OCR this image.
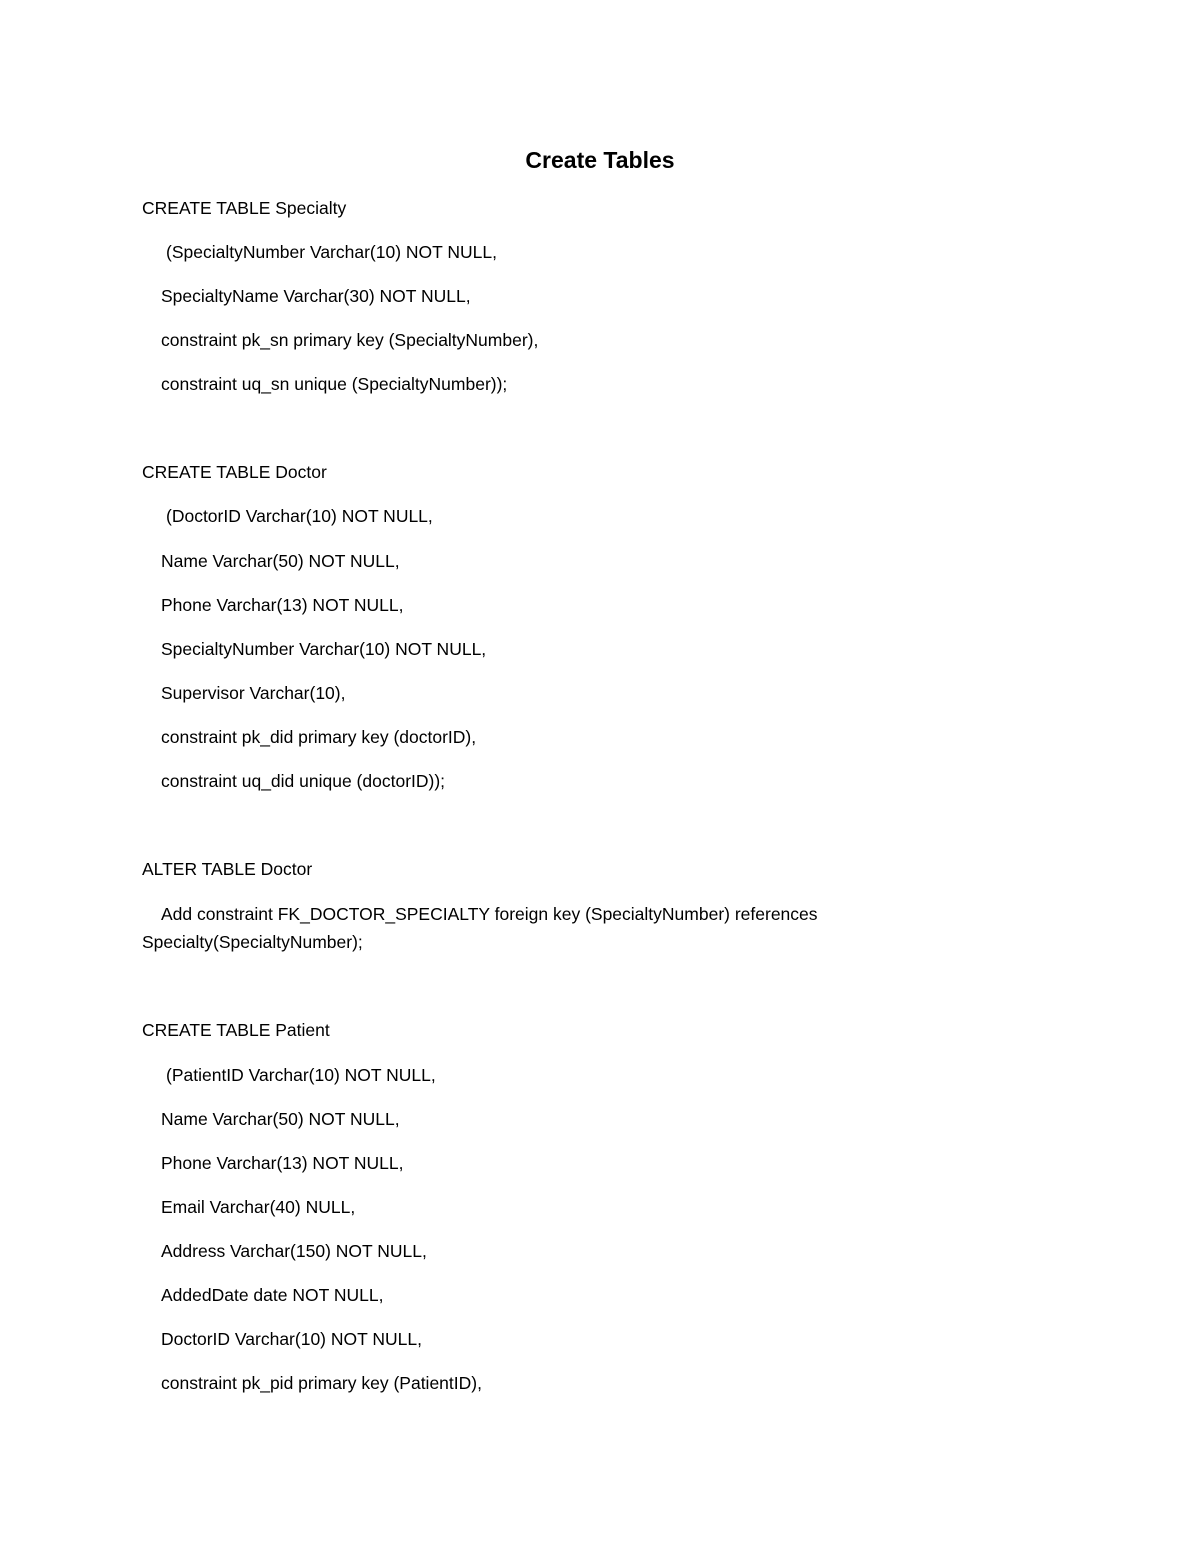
Create Tables
CREATE TABLE Specialty
(SpecialtyNumber Varchar(10) NOT NULL,
SpecialtyName Varchar(30) NOT NULL,
constraint pk_sn primary key (SpecialtyNumber),
constraint uq_sn unique (SpecialtyNumber));
CREATE TABLE Doctor
(DoctorID Varchar(10) NOT NULL,
Name Varchar(50) NOT NULL,
Phone Varchar(13) NOT NULL,
SpecialtyNumber Varchar(10) NOT NULL,
Supervisor Varchar(10),
constraint pk_did primary key (doctorID),
constraint uq_did unique (doctorID));
ALTER TABLE Doctor
Add constraint FK_DOCTOR_SPECIALTY foreign key (SpecialtyNumber) references
Specialty(SpecialtyNumber);
CREATE TABLE Patient
(PatientID Varchar(10) NOT NULL,
Name Varchar(50) NOT NULL,
Phone Varchar(13) NOT NULL,
Email Varchar(40) NULL,
Address Varchar(150) NOT NULL,
AddedDate date NOT NULL,
DoctorID Varchar(10) NOT NULL,
constraint pk_pid primary key (PatientID),
